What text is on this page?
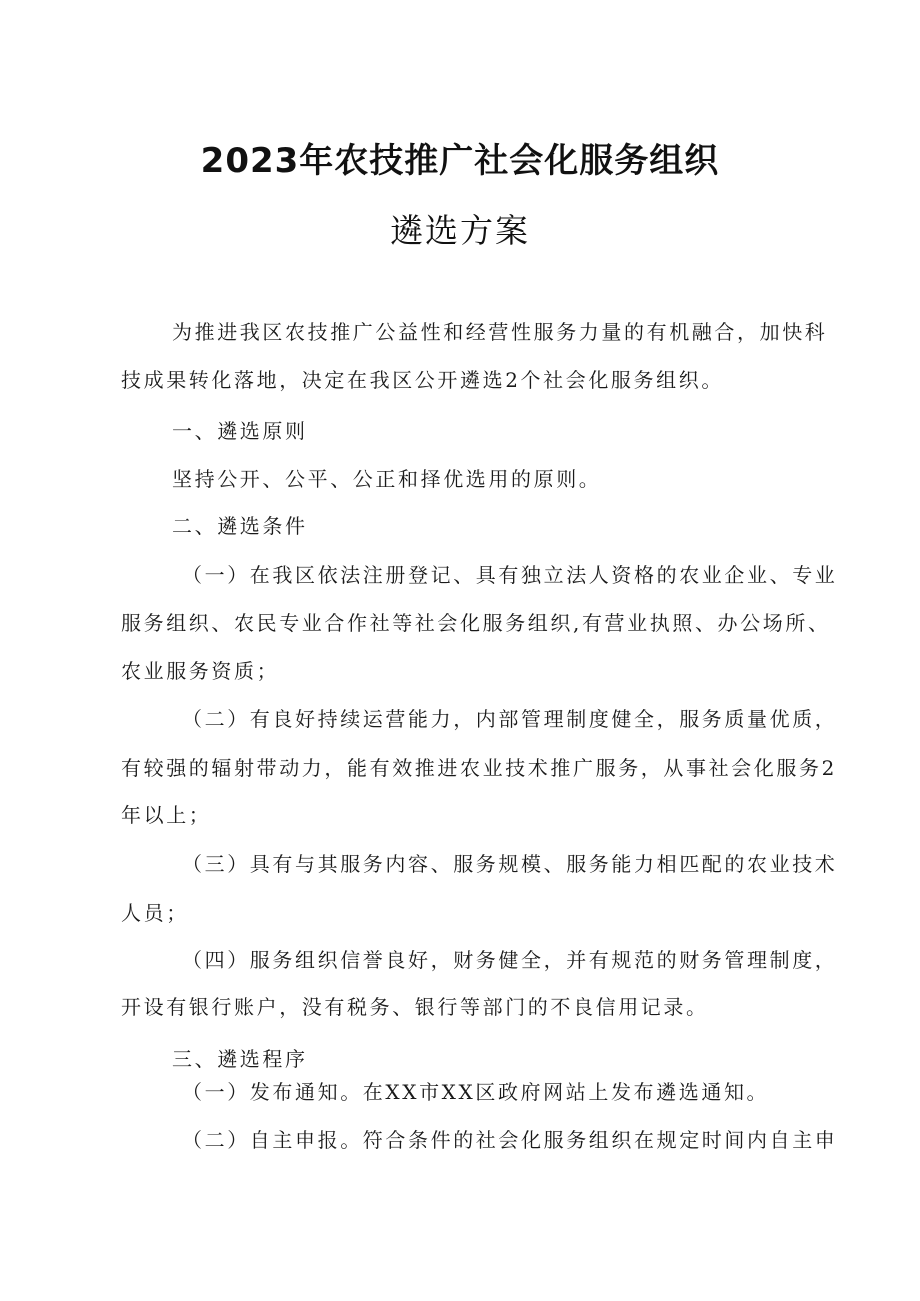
2023年农技推广社会化服务组织
遴选方案
为推进我区农技推广公益性和经营性服务力量的有机融合，加快科
技成果转化落地，决定在我区公开遴选2个社会化服务组织。
一、遴选原则
坚持公开、公平、公正和择优选用的原则。
二、遴选条件
（一）在我区依法注册登记、具有独立法人资格的农业企业、专业
服务组织、农民专业合作社等社会化服务组织,有营业执照、办公场所、
农业服务资质；
（二）有良好持续运营能力，内部管理制度健全，服务质量优质，
有较强的辐射带动力，能有效推进农业技术推广服务，从事社会化服务2
年以上；
（三）具有与其服务内容、服务规模、服务能力相匹配的农业技术
人员；
（四）服务组织信誉良好，财务健全，并有规范的财务管理制度，
开设有银行账户，没有税务、银行等部门的不良信用记录。
三、遴选程序
（一）发布通知。在XX市XX区政府网站上发布遴选通知。
（二）自主申报。符合条件的社会化服务组织在规定时间内自主申
